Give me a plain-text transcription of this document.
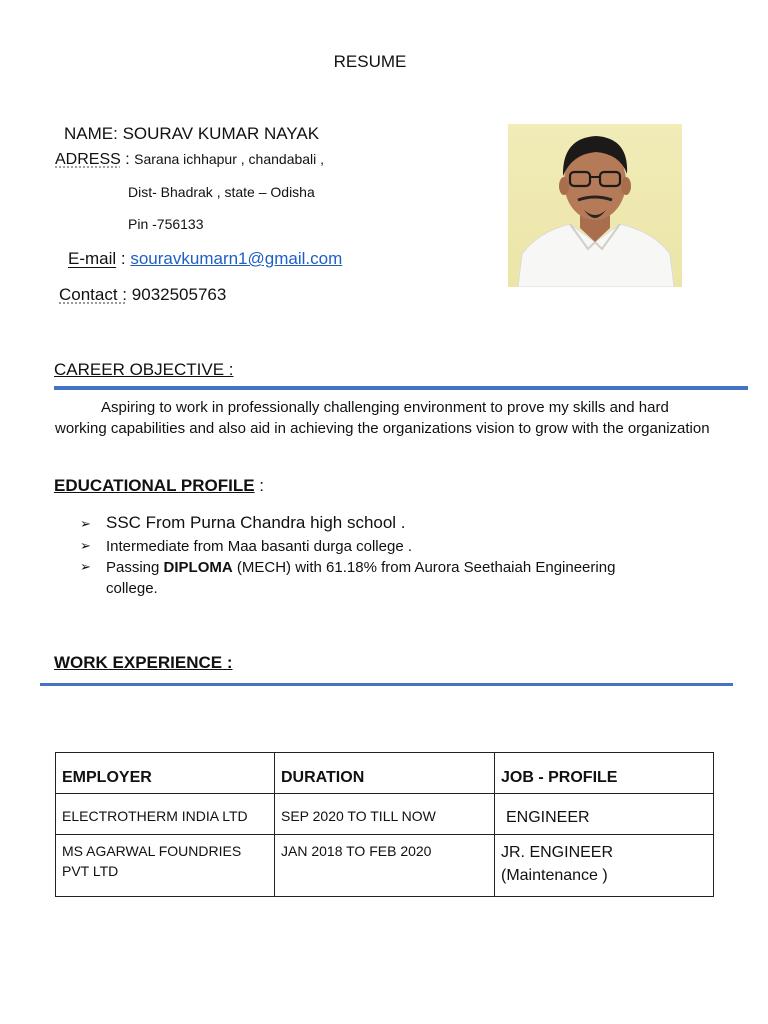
RESUME
NAME: SOURAV KUMAR NAYAK
ADRESS : Sarana ichhapur , chandabali ,
Dist- Bhadrak , state – Odisha
Pin -756133
E-mail : souravkumarn1@gmail.com
Contact : 9032505763
CAREER OBJECTIVE :
Aspiring to work in professionally challenging environment to prove my skills and hard working capabilities and also aid in achieving the organizations vision to grow with the organization
EDUCATIONAL PROFILE :
➢ SSC From Purna Chandra high school .
➢ Intermediate from Maa basanti durga college .
➢ Passing DIPLOMA (MECH) with 61.18% from Aurora Seethaiah Engineering
college.
WORK EXPERIENCE :
EMPLOYER	DURATION	JOB - PROFILE
ELECTROTHERM INDIA LTD	SEP 2020 TO TILL NOW	ENGINEER
MS AGARWAL FOUNDRIES PVT LTD	JAN 2018 TO FEB 2020	JR. ENGINEER (Maintenance )
